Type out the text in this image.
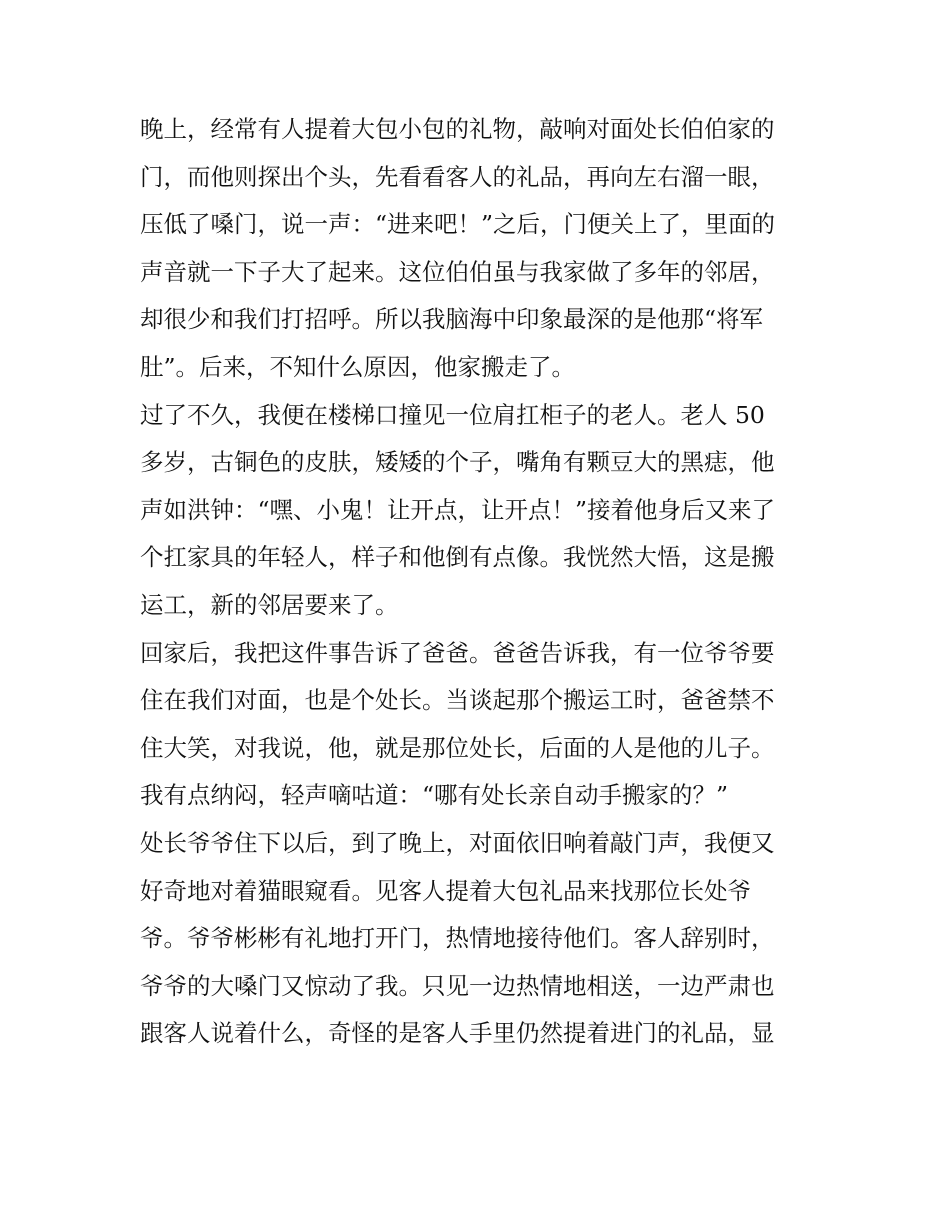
晚上，经常有人提着大包小包的礼物，敲响对面处长伯伯家的
门，而他则探出个头，先看看客人的礼品，再向左右溜一眼，
压低了嗓门，说一声：“进来吧！”之后，门便关上了，里面的
声音就一下子大了起来。这位伯伯虽与我家做了多年的邻居，
却很少和我们打招呼。所以我脑海中印象最深的是他那“将军
肚”。后来，不知什么原因，他家搬走了。
过了不久，我便在楼梯口撞见一位肩扛柜子的老人。老人 50
多岁，古铜色的皮肤，矮矮的个子，嘴角有颗豆大的黑痣，他
声如洪钟：“嘿、小鬼！让开点，让开点！”接着他身后又来了
个扛家具的年轻人，样子和他倒有点像。我恍然大悟，这是搬
运工，新的邻居要来了。
回家后，我把这件事告诉了爸爸。爸爸告诉我，有一位爷爷要
住在我们对面，也是个处长。当谈起那个搬运工时，爸爸禁不
住大笑，对我说，他，就是那位处长，后面的人是他的儿子。
我有点纳闷，轻声嘀咕道：“哪有处长亲自动手搬家的？”
处长爷爷住下以后，到了晚上，对面依旧响着敲门声，我便又
好奇地对着猫眼窥看。见客人提着大包礼品来找那位长处爷
爷。爷爷彬彬有礼地打开门，热情地接待他们。客人辞别时，
爷爷的大嗓门又惊动了我。只见一边热情地相送，一边严肃也
跟客人说着什么，奇怪的是客人手里仍然提着进门的礼品，显
